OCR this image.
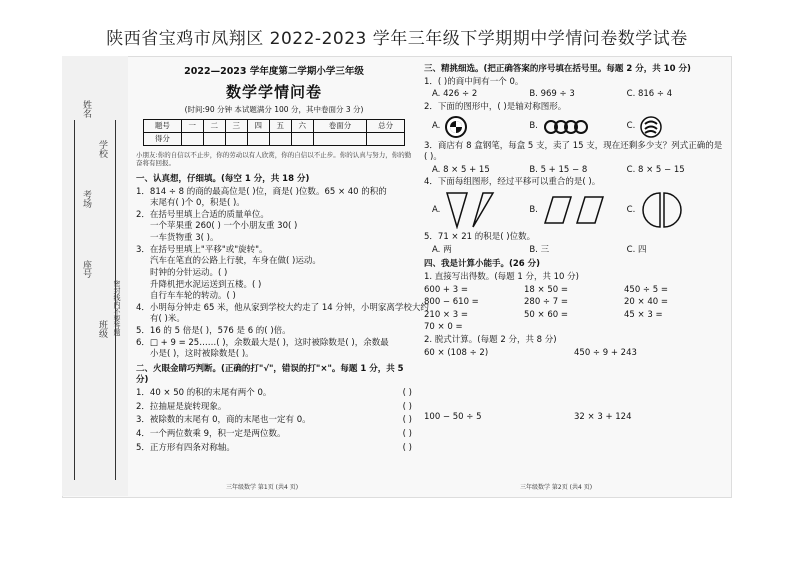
陕西省宝鸡市凤翔区 2022-2023 学年三年级下学期期中学情问卷数学试卷
姓名
考场
座号
学校
班级 密封线内不要答题
2022—2023 学年度第二学期小学三年级
数学学情问卷
(时间:90 分钟 本试题满分 100 分，其中卷面分 3 分)
题号	一	二	三	四	五	六	卷面分	总分
得分								
小朋友:你的自信以不止步，你的劳动以有人欣赏，你的自信以不止步。你的认真与努力，你的勤奋将有回报。
一、认真想，仔细填。(每空 1 分，共 18 分)
1．814 ÷ 8 的商的最高位是( )位，商是( )位数。65 × 40 的积的
末尾有( )个 0，积是( )。
2．在括号里填上合适的质量单位。
一个苹果重 260( ) 一个小朋友重 30( )
一车货物重 3( )。
3．在括号里填上"平移"或"旋转"。
汽车在笔直的公路上行驶，车身在做( )运动。
时钟的分针运动。( )
升降机把水泥运送到五楼。( )
自行车车轮的转动。( )
4．小明每分钟走 65 米，他从家到学校大约走了 14 分钟，小明家离学校大约
有( )米。
5．16 的 5 倍是( )，576 是 6 的( )倍。
6．□ + 9 = 25……( )，余数最大是( )，这时被除数是( )，余数最
小是( )，这时被除数是( )。
二、火眼金睛巧判断。(正确的打"√"，错误的打"×"。每题 1 分，共 5 分)
1．40 × 50 的积的末尾有两个 0。	( )
2．拉抽屉是旋转现象。	( )
3．被除数的末尾有 0，商的末尾也一定有 0。	( )
4．一个两位数乘 9，积一定是两位数。	( )
5．正方形有四条对称轴。	( )
三年级数学 第1页 (共4 页)
三、精挑细选。(把正确答案的序号填在括号里。每题 2 分，共 10 分)
1．( )的商中间有一个 0。
A. 426 ÷ 2	B. 969 ÷ 3	C. 816 ÷ 4
2．下面的图形中，( )是轴对称图形。
A.	B.	C.
3．商店有 8 盒钢笔，每盒 5 支，卖了 15 支，现在还剩多少支？列式正确的是
( )。
A. 8 × 5 + 15	B. 5 + 15 − 8	C. 8 × 5 − 15
4．下面每组图形，经过平移可以重合的是( )。
A.	B.	C.
5．71 × 21 的积是( )位数。
A. 两	B. 三	C. 四
四、我是计算小能手。(26 分)
1. 直接写出得数。(每题 1 分，共 10 分)
600 + 3 =	18 × 50 =	450 ÷ 5 =
800 − 610 =	280 ÷ 7 =	20 × 40 =
210 × 3 =	50 × 60 =	45 × 3 =
70 × 0 =
2. 脱式计算。(每题 2 分，共 8 分)
60 × (108 ÷ 2)	450 ÷ 9 + 243
100 − 50 ÷ 5	32 × 3 + 124
三年级数学 第2页 (共4 页)
